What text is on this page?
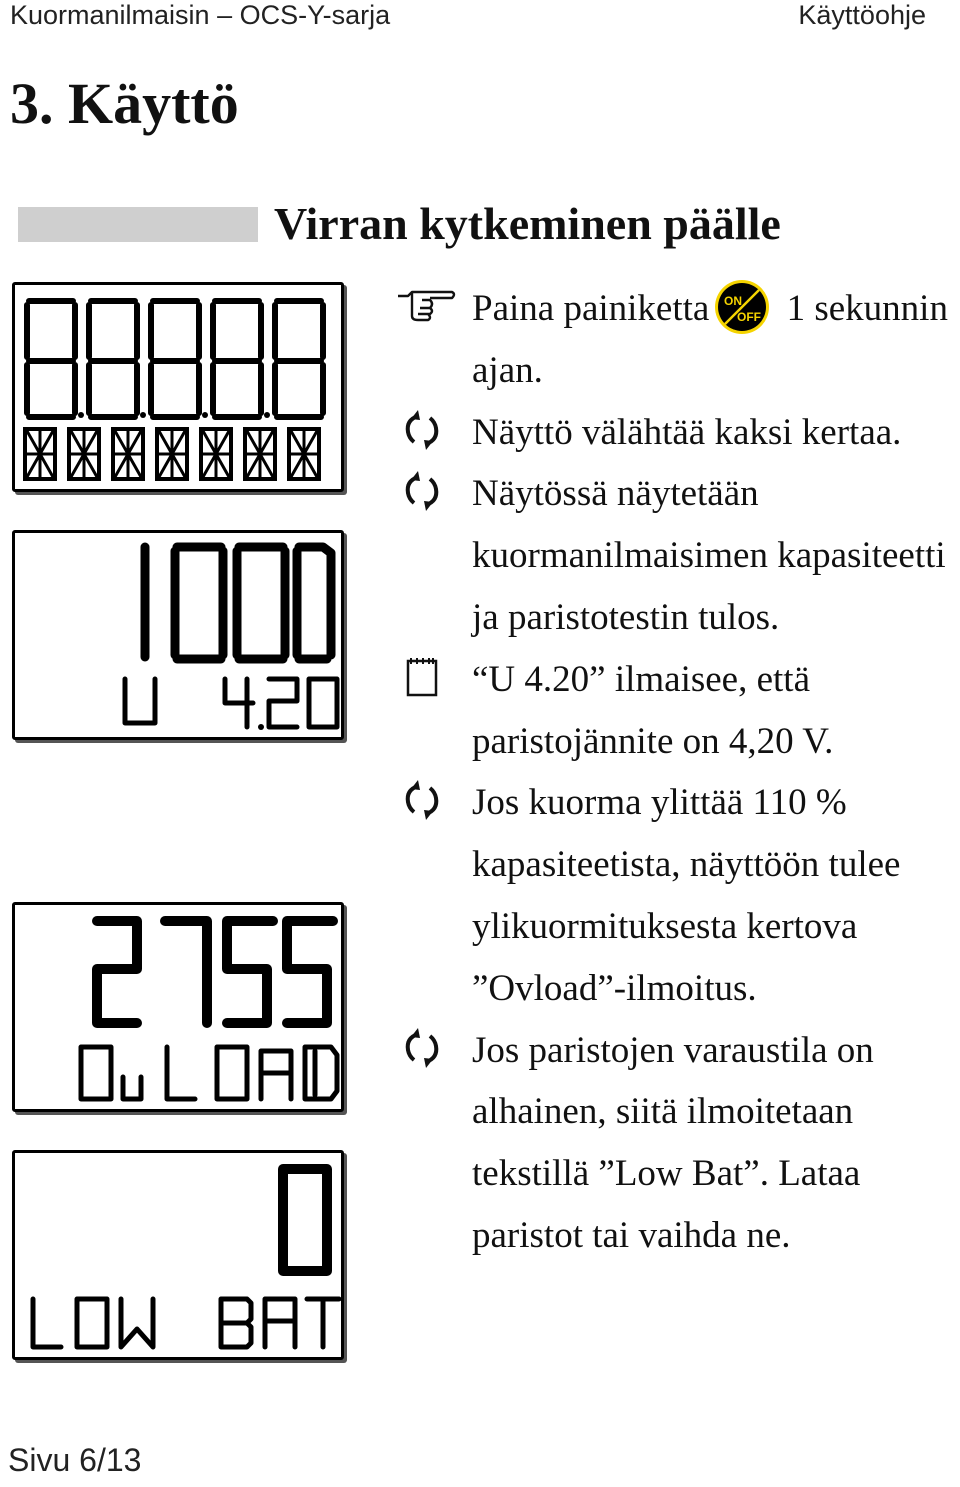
Kuormanilmaisin – OCS-Y-sarja	Käyttöohje
3. Käyttö
Virran kytkeminen päälle

Paina painiketta ON
OFF 1 sekunnin ajan.

Näyttö välähtää kaksi kertaa.

Näytössä näytetään kuormanilmaisimen kapasiteetti ja paristotestin tulos.

“U 4.20” ilmaisee, että paristojännite on 4,20 V.

Jos kuorma ylittää 110 % kapasiteetista, näyttöön tulee ylikuormituksesta kertova ”Ovload”-ilmoitus.

Jos paristojen varaustila on alhainen, siitä ilmoitetaan tekstillä ”Low Bat”. Lataa paristot tai vaihda ne.

Sivu 6/13
